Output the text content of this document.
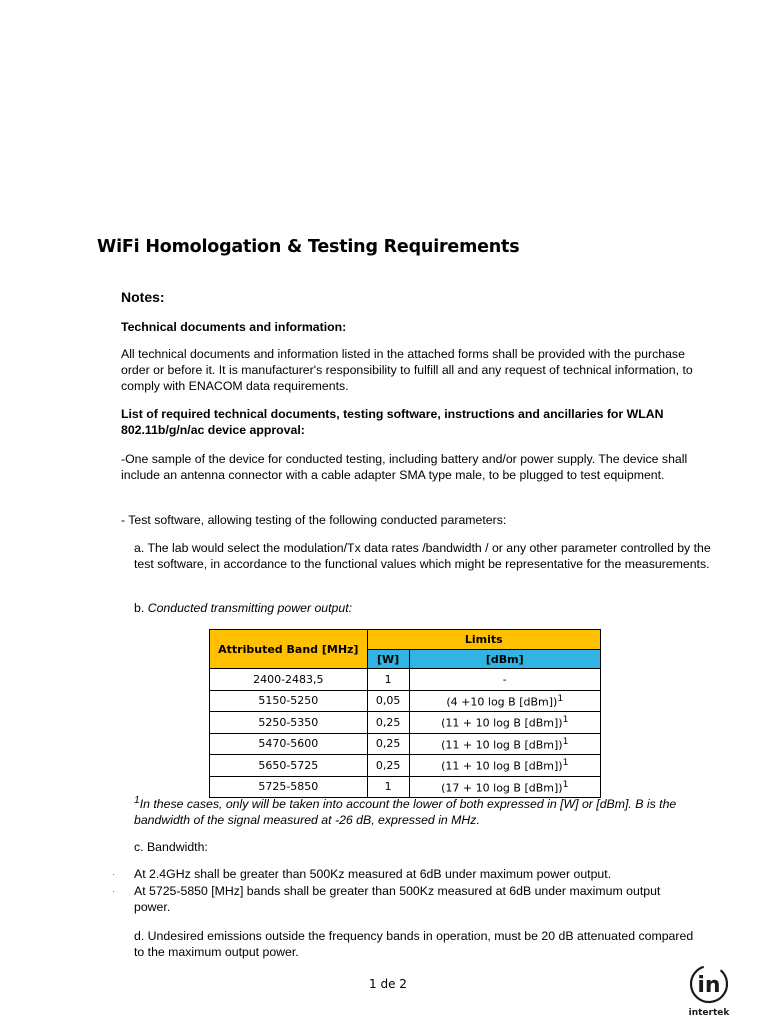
WiFi Homologation & Testing Requirements
Notes:
Technical documents and information:
All technical documents and information listed in the attached forms shall be provided with the purchase order or before it. It is manufacturer's responsibility to fulfill all and any request of technical information, to comply with ENACOM data requirements.
List of required technical documents, testing software, instructions and ancillaries for WLAN 802.11b/g/n/ac device approval:
-One sample of the device for conducted testing, including battery and/or power supply. The device shall include an antenna connector with a cable adapter SMA type male, to be plugged to test equipment.
- Test software, allowing testing of the following conducted parameters:
a. The lab would select the modulation/Tx data rates /bandwidth / or any other parameter controlled by the test software, in accordance to the functional values which might be representative for the measurements.
b. Conducted transmitting power output:
Attributed Band [MHz]	Limits	
	[W]	[dBm]
2400-2483,5	1	-
5150-5250	0,05	(4 +10 log B [dBm])$^1$
5250-5350	0,25	(11 + 10 log B [dBm])$^1$
5470-5600	0,25	(11 + 10 log B [dBm])$^1$
5650-5725	0,25	(11 + 10 log B [dBm])$^1$
5725-5850	1	(17 + 10 log B [dBm])$^1$
$^1$In these cases, only will be taken into account the lower of both expressed in [W] or [dBm]. B is the bandwidth of the signal measured at -26 dB, expressed in MHz.
c. Bandwidth:
· At 2.4GHz shall be greater than 500Kz measured at 6dB under maximum power output.
· At 5725-5850 [MHz] bands shall be greater than 500Kz measured at 6dB under maximum output power.
d. Undesired emissions outside the frequency bands in operation, must be 20 dB attenuated compared to the maximum output power.
1 de 2	in
intertek
